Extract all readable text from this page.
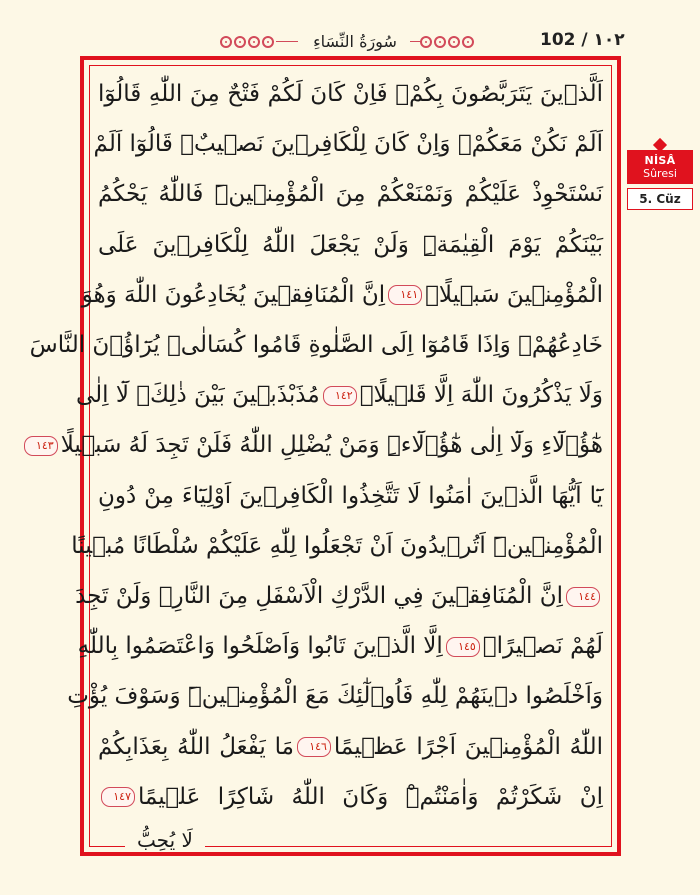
سُورَةُ النِّسَاءِ	102 / ١٠٢
اَلَّذٖينَ يَتَرَبَّصُونَ بِكُمْۚ فَاِنْ كَانَ لَكُمْ فَتْحٌ مِنَ اللّٰهِ قَالُوٓا
اَلَمْ نَكُنْ مَعَكُمْۘ وَاِنْ كَانَ لِلْكَافِرٖينَ نَصٖيبٌۙ قَالُوٓا اَلَمْ
نَسْتَحْوِذْ عَلَيْكُمْ وَنَمْنَعْكُمْ مِنَ الْمُؤْمِنٖينَۜ فَاللّٰهُ يَحْكُمُ
بَيْنَكُمْ يَوْمَ الْقِيٰمَةِۜ وَلَنْ يَجْعَلَ اللّٰهُ لِلْكَافِرٖينَ عَلَى
الْمُؤْمِنٖينَ سَبٖيلًاۜ١٤١اِنَّ الْمُنَافِقٖينَ يُخَادِعُونَ اللّٰهَ وَهُوَ
خَادِعُهُمْۚ وَاِذَا قَامُوٓا اِلَى الصَّلٰوةِ قَامُوا كُسَالٰىۙ يُرَٓاؤُ۫نَ النَّاسَ
وَلَا يَذْكُرُونَ اللّٰهَ اِلَّا قَلٖيلًاۘ١٤٢مُذَبْذَبٖينَ بَيْنَ ذٰلِكَۗ لَٓا اِلٰى
هٰٓؤُ۬لَٓاءِ وَلَٓا اِلٰى هٰٓؤُ۬لَٓاءِۜ وَمَنْ يُضْلِلِ اللّٰهُ فَلَنْ تَجِدَ لَهُ سَبٖيلًا١٤٣
يَٓا اَيُّهَا الَّذٖينَ اٰمَنُوا لَا تَتَّخِذُوا الْكَافِرٖينَ اَوْلِيَٓاءَ مِنْ دُونِ
الْمُؤْمِنٖينَۜ اَتُرٖيدُونَ اَنْ تَجْعَلُوا لِلّٰهِ عَلَيْكُمْ سُلْطَانًا مُبٖينًا
١٤٤اِنَّ الْمُنَافِقٖينَ فِي الدَّرْكِ الْاَسْفَلِ مِنَ النَّارِۚ وَلَنْ تَجِدَ
لَهُمْ نَصٖيرًاۙ١٤٥اِلَّا الَّذٖينَ تَابُوا وَاَصْلَحُوا وَاعْتَصَمُوا بِاللّٰهِ
وَاَخْلَصُوا دٖينَهُمْ لِلّٰهِ فَاُو۬لٰٓئِكَ مَعَ الْمُؤْمِنٖينَۜ وَسَوْفَ يُؤْتِ
اللّٰهُ الْمُؤْمِنٖينَ اَجْرًا عَظٖيمًا١٤٦مَا يَفْعَلُ اللّٰهُ بِعَذَابِكُمْ
اِنْ شَكَرْتُمْ وَاٰمَنْتُمْۜ وَكَانَ اللّٰهُ شَاكِرًا عَلٖيمًا١٤٧
لَا يُحِبُّ
NİSÂ
Sûresi
5. Cüz
